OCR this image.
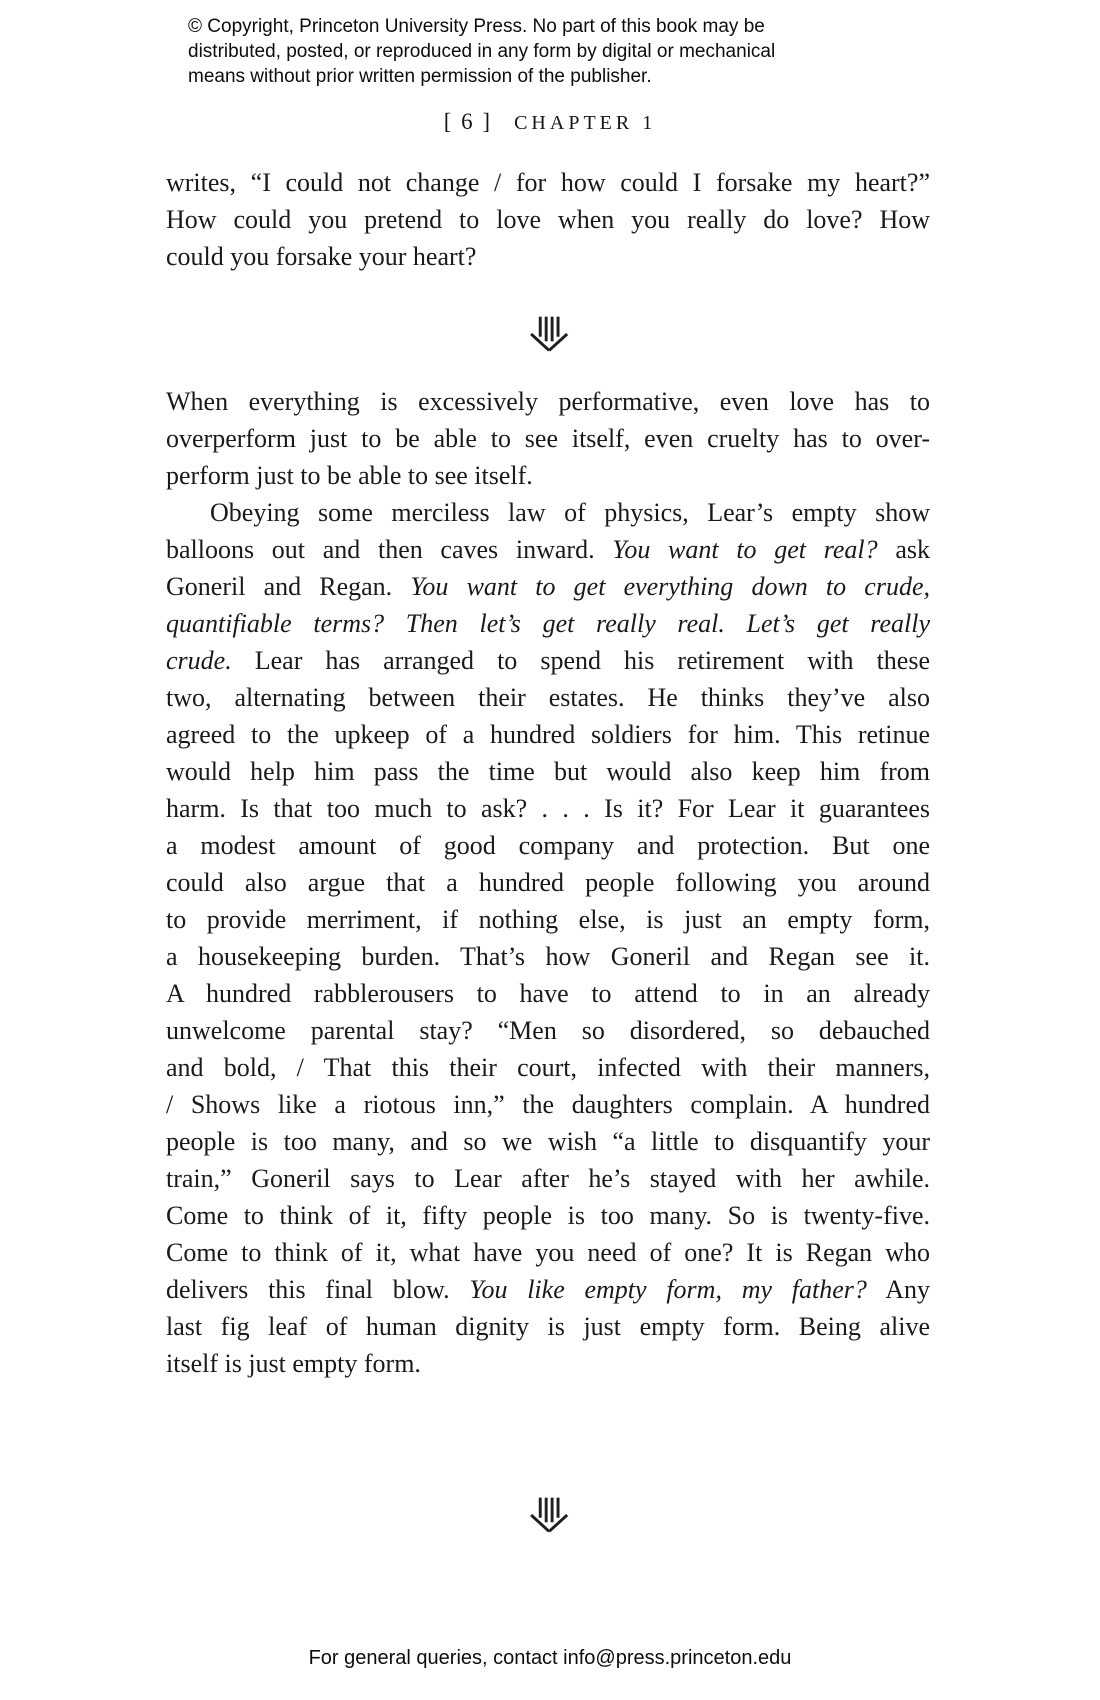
© Copyright, Princeton University Press. No part of this book may be
distributed, posted, or reproduced in any form by digital or mechanical
means without prior written permission of the publisher.
[ 6 ] CHAPTER 1
writes, “I could not change / for how could I forsake my heart?”
How could you pretend to love when you really do love? How
could you forsake your heart?
When everything is excessively performative, even love has to
overperform just to be able to see itself, even cruelty has to over-
perform just to be able to see itself.
Obeying some merciless law of physics, Lear’s empty show
balloons out and then caves inward. You want to get real? ask
Goneril and Regan. You want to get everything down to crude,
quantifiable terms? Then let’s get really real. Let’s get really
crude. Lear has arranged to spend his retirement with these
two, alternating between their estates. He thinks they’ve also
agreed to the upkeep of a hundred soldiers for him. This retinue
would help him pass the time but would also keep him from
harm. Is that too much to ask? . . . Is it? For Lear it guarantees
a modest amount of good company and protection. But one
could also argue that a hundred people following you around
to provide merriment, if nothing else, is just an empty form,
a housekeeping burden. That’s how Goneril and Regan see it.
A hundred rabblerousers to have to attend to in an already
unwelcome parental stay? “Men so disordered, so debauched
and bold, / That this their court, infected with their manners,
/ Shows like a riotous inn,” the daughters complain. A hundred
people is too many, and so we wish “a little to disquantify your
train,” Goneril says to Lear after he’s stayed with her awhile.
Come to think of it, fifty people is too many. So is twenty-five.
Come to think of it, what have you need of one? It is Regan who
delivers this final blow. You like empty form, my father? Any
last fig leaf of human dignity is just empty form. Being alive
itself is just empty form.
For general queries, contact info@press.princeton.edu
